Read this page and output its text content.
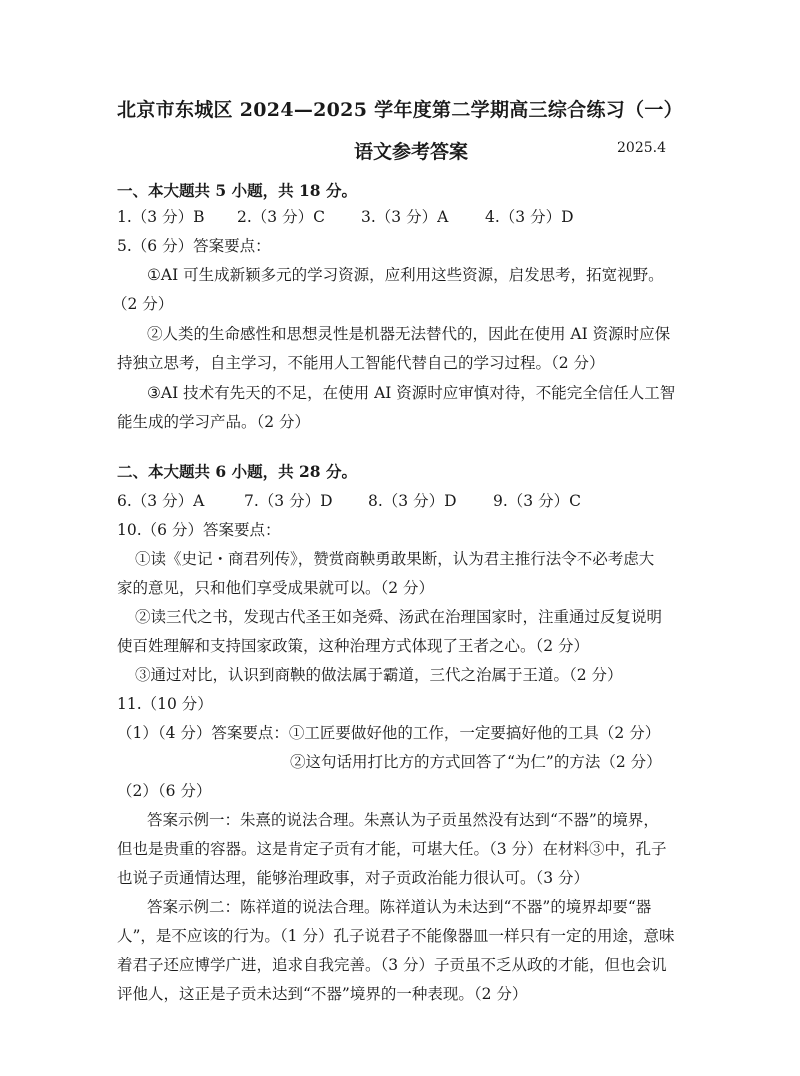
北京市东城区 2024—2025 学年度第二学期高三综合练习（一）
语文参考答案	2025.4
一、本大题共 5 小题，共 18 分。
1.（3 分）B 2.（3 分）C 3.（3 分）A 4.（3 分）D
5.（6 分）答案要点：
①AI 可生成新颖多元的学习资源，应利用这些资源，启发思考，拓宽视野。
（2 分）
②人类的生命感性和思想灵性是机器无法替代的，因此在使用 AI 资源时应保
持独立思考，自主学习，不能用人工智能代替自己的学习过程。（2 分）
③AI 技术有先天的不足，在使用 AI 资源时应审慎对待，不能完全信任人工智
能生成的学习产品。（2 分）
二、本大题共 6 小题，共 28 分。
6.（3 分）A	7.（3 分）D 8.（3 分）D 9.（3 分）C
10.（6 分）答案要点：
①读《史记・商君列传》，赞赏商鞅勇敢果断，认为君主推行法令不必考虑大
家的意见，只和他们享受成果就可以。（2 分）
②读三代之书，发现古代圣王如尧舜、汤武在治理国家时，注重通过反复说明
使百姓理解和支持国家政策，这种治理方式体现了王者之心。（2 分）
③通过对比，认识到商鞅的做法属于霸道，三代之治属于王道。（2 分）
11.（10 分）
（1）（4 分）答案要点：①工匠要做好他的工作，一定要搞好他的工具（2 分）
②这句话用打比方的方式回答了“为仁”的方法（2 分）
（2）（6 分）
答案示例一：朱熹的说法合理。朱熹认为子贡虽然没有达到“不器”的境界，
但也是贵重的容器。这是肯定子贡有才能，可堪大任。（3 分）在材料③中，孔子
也说子贡通情达理，能够治理政事，对子贡政治能力很认可。（3 分）
答案示例二：陈祥道的说法合理。陈祥道认为未达到“不器”的境界却要“器
人”，是不应该的行为。（1 分）孔子说君子不能像器皿一样只有一定的用途，意味
着君子还应博学广进，追求自我完善。（3 分）子贡虽不乏从政的才能，但也会讥
评他人，这正是子贡未达到“不器”境界的一种表现。（2 分）
